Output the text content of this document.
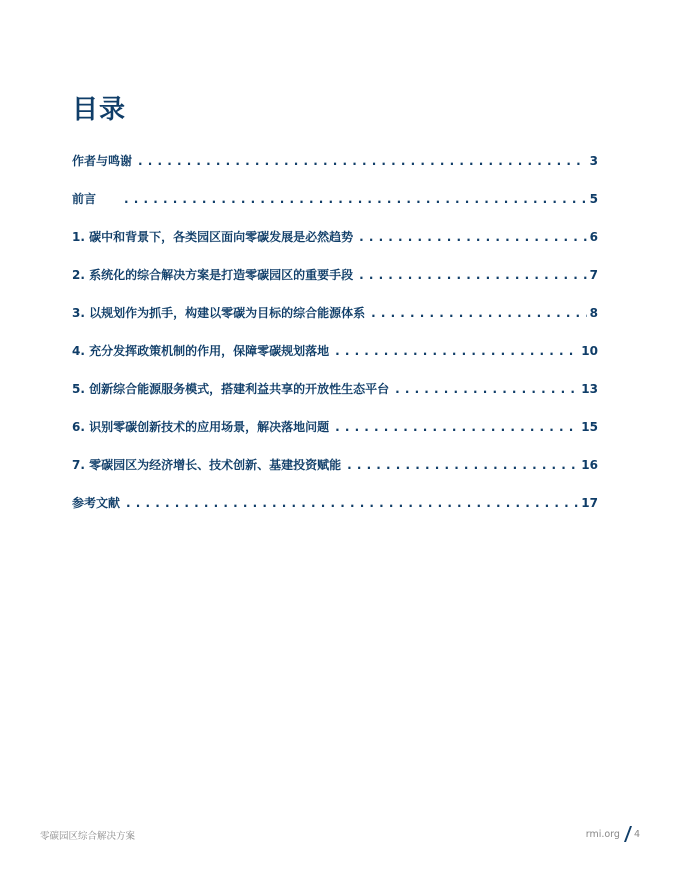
目录
作者与鸣谢 . . .	3
前言 . . .	5
1. 碳中和背景下，各类园区面向零碳发展是必然趋势 . . .	6
2. 系统化的综合解决方案是打造零碳园区的重要手段 . . .	7
3. 以规划作为抓手，构建以零碳为目标的综合能源体系 . . .	8
4. 充分发挥政策机制的作用，保障零碳规划落地 . . .	10
5. 创新综合能源服务模式，搭建利益共享的开放性生态平台 . . .	13
6. 识别零碳创新技术的应用场景，解决落地问题 . . .	15
7. 零碳园区为经济增长、技术创新、基建投资赋能 . . .	16
参考文献 . . .	17
零碳园区综合解决方案	rmi.org 4
